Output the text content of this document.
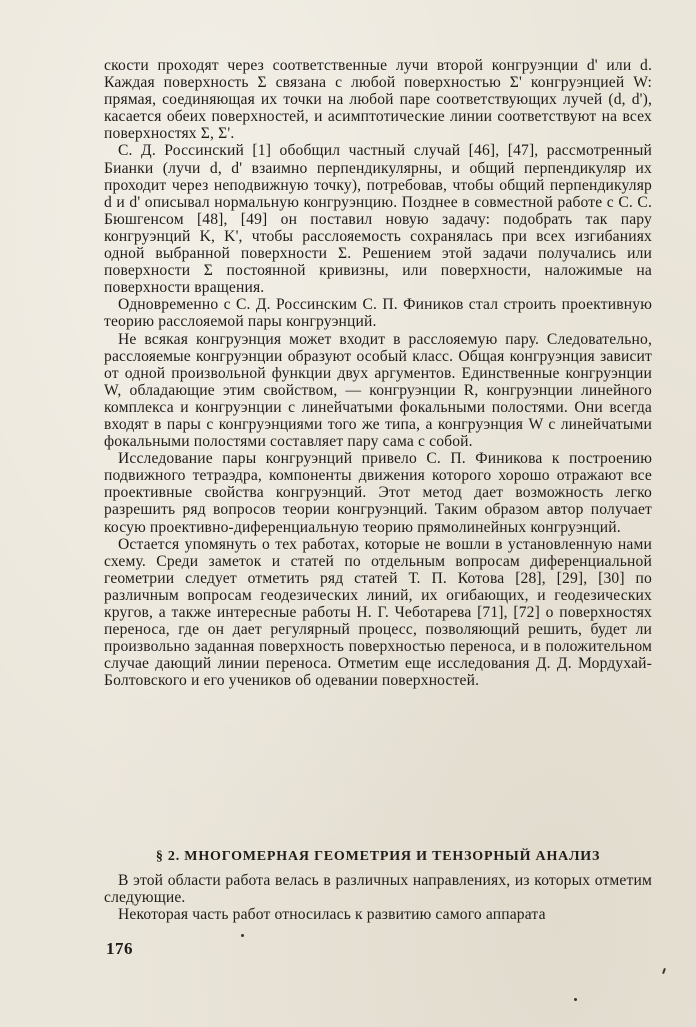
скости проходят через соответственные лучи второй конгруэнции d' или d. Каждая поверхность Σ связана с любой поверхностью Σ' конгруэнцией W: прямая, соединяющая их точки на любой паре соответствующих лучей (d, d'), касается обеих поверхностей, и асимптотические линии соответствуют на всех поверхностях Σ, Σ'.

С. Д. Россинский [1] обобщил частный случай [46], [47], рассмотренный Бианки (лучи d, d' взаимно перпендикулярны, и общий перпендикуляр их проходит через неподвижную точку), потребовав, чтобы общий перпендикуляр d и d' описывал нормальную конгруэнцию. Позднее в совместной работе с С. С. Бюшгенсом [48], [49] он поставил новую задачу: подобрать так пару конгруэнций K, K', чтобы расслояемость сохранялась при всех изгибаниях одной выбранной поверхности Σ. Решением этой задачи получались или поверхности Σ постоянной кривизны, или поверхности, наложимые на поверхности вращения.

Одновременно с С. Д. Россинским С. П. Фиников стал строить проективную теорию расслояемой пары конгруэнций.

Не всякая конгруэнция может входит в расслояемую пару. Следовательно, расслояемые конгруэнции образуют особый класс. Общая конгруэнция зависит от одной произвольной функции двух аргументов. Единственные конгруэнции W, обладающие этим свойством, — конгруэнции R, конгруэнции линейного комплекса и конгруэнции с линейчатыми фокальными полостями. Они всегда входят в пары с конгруэнциями того же типа, а конгруэнция W с линейчатыми фокальными полостями составляет пару сама с собой.

Исследование пары конгруэнций привело С. П. Финикова к построению подвижного тетраэдра, компоненты движения которого хорошо отражают все проективные свойства конгруэнций. Этот метод дает возможность легко разрешить ряд вопросов теории конгруэнций. Таким образом автор получает косую проективно-диференциальную теорию прямолинейных конгруэнций.

Остается упомянуть о тех работах, которые не вошли в установленную нами схему. Среди заметок и статей по отдельным вопросам диференциальной геометрии следует отметить ряд статей Т. П. Котова [28], [29], [30] по различным вопросам геодезических линий, их огибающих, и геодезических кругов, а также интересные работы Н. Г. Чеботарева [71], [72] о поверхностях переноса, где он дает регулярный процесс, позволяющий решить, будет ли произвольно заданная поверхность поверхностью переноса, и в положительном случае дающий линии переноса. Отметим еще исследования Д. Д. Мордухай-Болтовского и его учеников об одевании поверхностей.

§ 2. МНОГОМЕРНАЯ ГЕОМЕТРИЯ И ТЕНЗОРНЫЙ АНАЛИЗ

В этой области работа велась в различных направлениях, из которых отметим следующие.

Некоторая часть работ относилась к развитию самого аппарата

176
